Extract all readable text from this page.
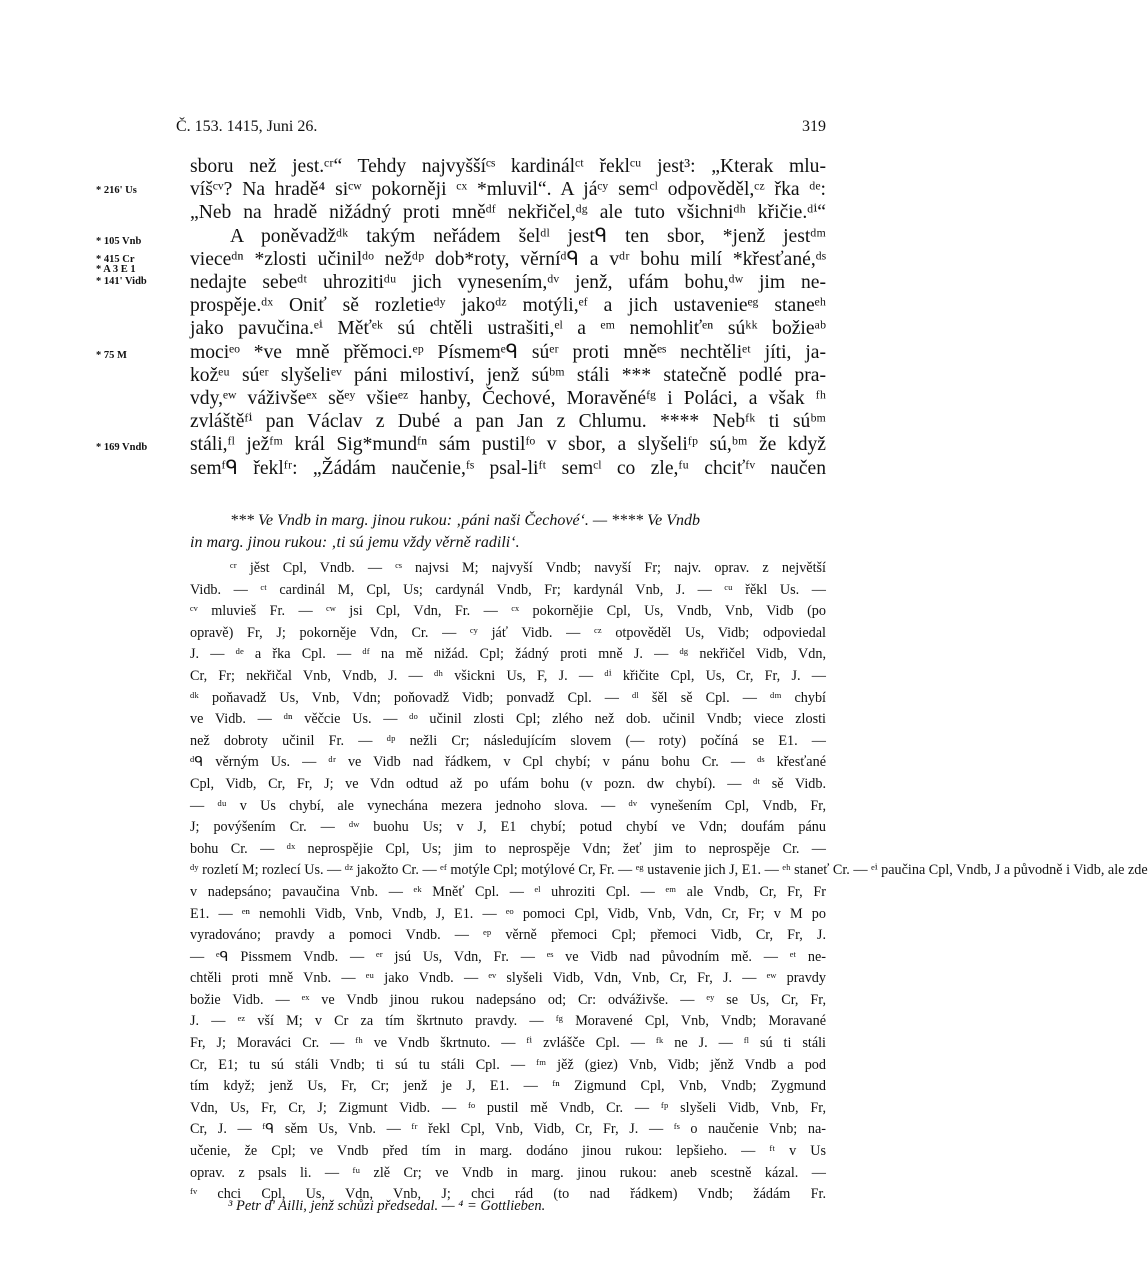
Č. 153. 1415, Juni 26.	319
* 216' Us
* 105 Vnb
* 415 Cr
* A 3 E 1
* 141' Vidb
* 75 M
* 169 Vndb
sboru než jest.ᶜʳ“ Tehdy najvyššíᶜˢ kardinálᶜᵗ řeklᶜᵘ jest³: „Kterak mlu-
víšᶜᵛ? Na hradě⁴ siᶜʷ pokorněji ᶜˣ *mluvil“. A jáᶜʸ semᶜˡ odpověděl,ᶜᶻ řka ᵈᵉ:
„Neb na hradě nižádný proti mněᵈᶠ nekřičel,ᵈᵍ ale tuto všichniᵈʰ křičie.ᵈⁱ“
A poněvadžᵈᵏ takým neřádem šelᵈˡ jestᑫ ten sbor, *jenž jestᵈᵐ
vieceᵈⁿ *zlosti učinilᵈᵒ nežᵈᵖ dob*roty, věrníᵈᑫ a vᵈʳ bohu milí *křesťané,ᵈˢ
nedajte sebeᵈᵗ uhrozitiᵈᵘ jich vynesením,ᵈᵛ jenž, ufám bohu,ᵈʷ jim ne-
prospěje.ᵈˣ Oniť sě rozletieᵈʸ jakoᵈᶻ motýli,ᵉᶠ a jich ustavenieᵉᵍ staneᵉʰ
jako pavučina.ᵉⁱ Měťᵉᵏ sú chtěli ustrašiti,ᵉˡ a ᵉᵐ nemohliťᵉⁿ súᵏᵏ božieᵃᵇ
mociᵉᵒ *ve mně přěmoci.ᵉᵖ Písmemᵉᑫ súᵉʳ proti mněᵉˢ nechtěliᵉᵗ jíti, ja-
kožᵉᵘ súᵉʳ slyšeliᵉᵛ páni milostiví, jenž súᵇᵐ stáli *** statečně podlé pra-
vdy,ᵉʷ váživšeᵉˣ sěᵉʸ všieᵉᶻ hanby, Čechové, Moravěnéᶠᵍ i Poláci, a však ᶠʰ
zvláštěᶠⁱ pan Václav z Dubé a pan Jan z Chlumu. **** Nebᶠᵏ ti súᵇᵐ
stáli,ᶠˡ ježᶠᵐ král Sig*mundᶠⁿ sám pustilᶠᵒ v sbor, a slyšeliᶠᵖ sú,ᵇᵐ že když
semᶠᑫ řeklᶠʳ: „Žádám naučenie,ᶠˢ psal-liᶠᵗ semᶜˡ co zle,ᶠᵘ chciťᶠᵛ naučen
*** Ve Vndb in marg. jinou rukou: ‚páni naši Čechové‘. — **** Ve Vndb
in marg. jinou rukou: ‚ti sú jemu vždy věrně radili‘.
ᶜʳ jěst Cpl, Vndb. — ᶜˢ najvsi M; najvyší Vndb; navyší Fr; najv. oprav. z největší
Vidb. — ᶜᵗ cardinál M, Cpl, Us; cardynál Vndb, Fr; kardynál Vnb, J. — ᶜᵘ řěkl Us. —
ᶜᵛ mluvieš Fr. — ᶜʷ jsi Cpl, Vdn, Fr. — ᶜˣ pokornějie Cpl, Us, Vndb, Vnb, Vidb (po
opravě) Fr, J; pokorněje Vdn, Cr. — ᶜʸ jáť Vidb. — ᶜᶻ otpověděl Us, Vidb; odpoviedal
J. — ᵈᵉ a řka Cpl. — ᵈᶠ na mě nižád. Cpl; žádný proti mně J. — ᵈᵍ nekřičel Vidb, Vdn,
Cr, Fr; nekřičal Vnb, Vndb, J. — ᵈʰ všickni Us, F, J. — ᵈⁱ křičite Cpl, Us, Cr, Fr, J. —
ᵈᵏ poňavadž Us, Vnb, Vdn; poňovadž Vidb; ponvadž Cpl. — ᵈˡ šěl sě Cpl. — ᵈᵐ chybí
ve Vidb. — ᵈⁿ věčcie Us. — ᵈᵒ učinil zlosti Cpl; zlého než dob. učinil Vndb; viece zlosti
než dobroty učinil Fr. — ᵈᵖ nežli Cr; následujícím slovem (— roty) počíná se E1. —
ᵈᑫ věrným Us. — ᵈʳ ve Vidb nad řádkem, v Cpl chybí; v pánu bohu Cr. — ᵈˢ křesťané
Cpl, Vidb, Cr, Fr, J; ve Vdn odtud až po ufám bohu (v pozn. dw chybí). — ᵈᵗ sě Vidb.
— ᵈᵘ v Us chybí, ale vynechána mezera jednoho slova. — ᵈᵛ vynešením Cpl, Vndb, Fr,
J; povýšením Cr. — ᵈʷ buohu Us; v J, E1 chybí; potud chybí ve Vdn; doufám pánu
bohu Cr. — ᵈˣ neprospějie Cpl, Us; jim to neprospěje Vdn; žeť jim to neprospěje Cr. —
ᵈʸ rozletí M; rozlecí Us. — ᵈᶻ jakožto Cr. — ᵉᶠ motýle Cpl; motýlové Cr, Fr. — ᵉᵍ ustavenie jich J, E1. — ᵉʰ staneť Cr. — ᵉⁱ paučina Cpl, Vndb, J a původně i Vidb, ale zde
v nadepsáno; pavaučina Vnb. — ᵉᵏ Mněť Cpl. — ᵉˡ uhroziti Cpl. — ᵉᵐ ale Vndb, Cr, Fr, Fr
E1. — ᵉⁿ nemohli Vidb, Vnb, Vndb, J, E1. — ᵉᵒ pomoci Cpl, Vidb, Vnb, Vdn, Cr, Fr; v M po
vyradováno; pravdy a pomoci Vndb. — ᵉᵖ věrně přemoci Cpl; přemoci Vidb, Cr, Fr, J.
— ᵉᑫ Pissmem Vndb. — ᵉʳ jsú Us, Vdn, Fr. — ᵉˢ ve Vidb nad původním mě. — ᵉᵗ ne-
chtěli proti mně Vnb. — ᵉᵘ jako Vndb. — ᵉᵛ slyšeli Vidb, Vdn, Vnb, Cr, Fr, J. — ᵉʷ pravdy
božie Vidb. — ᵉˣ ve Vndb jinou rukou nadepsáno od; Cr: odváživše. — ᵉʸ se Us, Cr, Fr,
J. — ᵉᶻ vší M; v Cr za tím škrtnuto pravdy. — ᶠᵍ Moravené Cpl, Vnb, Vndb; Moravané
Fr, J; Moraváci Cr. — ᶠʰ ve Vndb škrtnuto. — ᶠⁱ zvlášče Cpl. — ᶠᵏ ne J. — ᶠˡ sú ti stáli
Cr, E1; tu sú stáli Vndb; ti sú tu stáli Cpl. — ᶠᵐ jěž (giez) Vnb, Vidb; jěnž Vndb a pod
tím když; jenž Us, Fr, Cr; jenž je J, E1. — ᶠⁿ Zigmund Cpl, Vnb, Vndb; Zygmund
Vdn, Us, Fr, Cr, J; Zigmunt Vidb. — ᶠᵒ pustil mě Vndb, Cr. — ᶠᵖ slyšeli Vidb, Vnb, Fr,
Cr, J. — ᶠᑫ sěm Us, Vnb. — ᶠʳ řekl Cpl, Vnb, Vidb, Cr, Fr, J. — ᶠˢ o naučenie Vnb; na-
učenie, že Cpl; ve Vndb před tím in marg. dodáno jinou rukou: lepšieho. — ᶠᵗ v Us
oprav. z psals li. — ᶠᵘ zlě Cr; ve Vndb in marg. jinou rukou: aneb scestně kázal. —
ᶠᵛ chci Cpl, Us, Vdn, Vnb, J; chci rád (to nad řádkem) Vndb; žádám Fr.
³ Petr d' Ailli, jenž schůzi předsedal. — ⁴ = Gottlieben.
